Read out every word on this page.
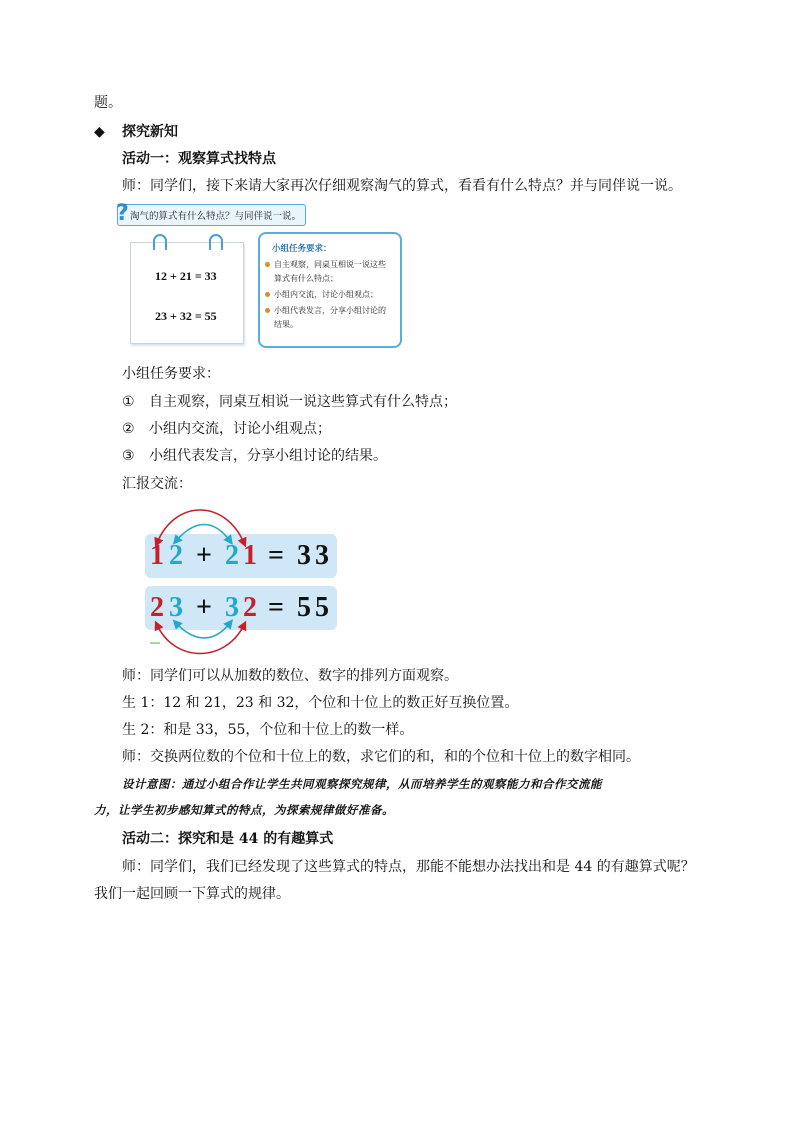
题。
◆ 探究新知
活动一：观察算式找特点
师：同学们，接下来请大家再次仔细观察淘气的算式，看看有什么特点？并与同伴说一说。
? 淘气的算式有什么特点？与同伴说一说。
12 + 21 = 33
23 + 32 = 55
小组任务要求：
自主观察，同桌互相说一说这些算式有什么特点；
小组内交流，讨论小组观点；
小组代表发言，分享小组讨论的结果。
小组任务要求：
① 自主观察，同桌互相说一说这些算式有什么特点；
② 小组内交流，讨论小组观点；
③ 小组代表发言，分享小组讨论的结果。
汇报交流：
1 2 + 2 1 = 3 3
2 3 + 3 2 = 5 5
师：同学们可以从加数的数位、数字的排列方面观察。
生 1：12 和 21，23 和 32，个位和十位上的数正好互换位置。
生 2：和是 33，55，个位和十位上的数一样。
师：交换两位数的个位和十位上的数，求它们的和，和的个位和十位上的数字相同。
设计意图：通过小组合作让学生共同观察探究规律，从而培养学生的观察能力和合作交流能
力，让学生初步感知算式的特点，为探索规律做好准备。
活动二：探究和是 44 的有趣算式
师：同学们，我们已经发现了这些算式的特点，那能不能想办法找出和是 44 的有趣算式呢？
我们一起回顾一下算式的规律。
